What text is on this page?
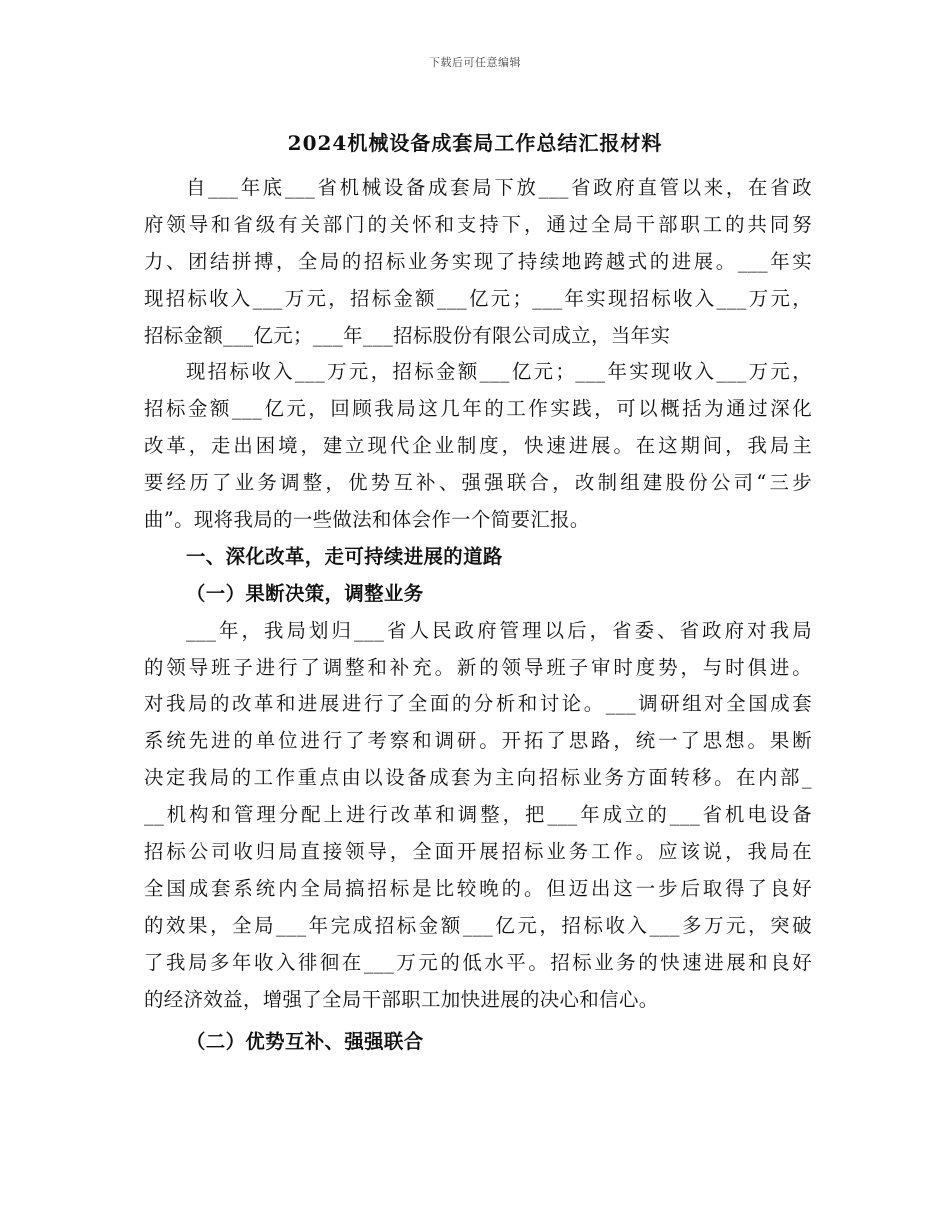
下载后可任意编辑
2024机械设备成套局工作总结汇报材料
自___年底___省机械设备成套局下放___省政府直管以来，在省政
府领导和省级有关部门的关怀和支持下，通过全局干部职工的共同努
力、团结拼搏，全局的招标业务实现了持续地跨越式的进展。___年实
现招标收入___万元，招标金额___亿元；___年实现招标收入___万元，
招标金额___亿元；___年___招标股份有限公司成立，当年实
现招标收入___万元，招标金额___亿元；___年实现收入___万元，
招标金额___亿元，回顾我局这几年的工作实践，可以概括为通过深化
改革，走出困境，建立现代企业制度，快速进展。在这期间，我局主
要经历了业务调整，优势互补、强强联合，改制组建股份公司“三步
曲”。现将我局的一些做法和体会作一个简要汇报。
一、深化改革，走可持续进展的道路
（一）果断决策，调整业务
___年，我局划归___省人民政府管理以后，省委、省政府对我局
的领导班子进行了调整和补充。新的领导班子审时度势，与时俱进。
对我局的改革和进展进行了全面的分析和讨论。___调研组对全国成套
系统先进的单位进行了考察和调研。开拓了思路，统一了思想。果断
决定我局的工作重点由以设备成套为主向招标业务方面转移。在内部_
__机构和管理分配上进行改革和调整，把___年成立的___省机电设备
招标公司收归局直接领导，全面开展招标业务工作。应该说，我局在
全国成套系统内全局搞招标是比较晚的。但迈出这一步后取得了良好
的效果，全局___年完成招标金额___亿元，招标收入___多万元，突破
了我局多年收入徘徊在___万元的低水平。招标业务的快速进展和良好
的经济效益，增强了全局干部职工加快进展的决心和信心。
（二）优势互补、强强联合
